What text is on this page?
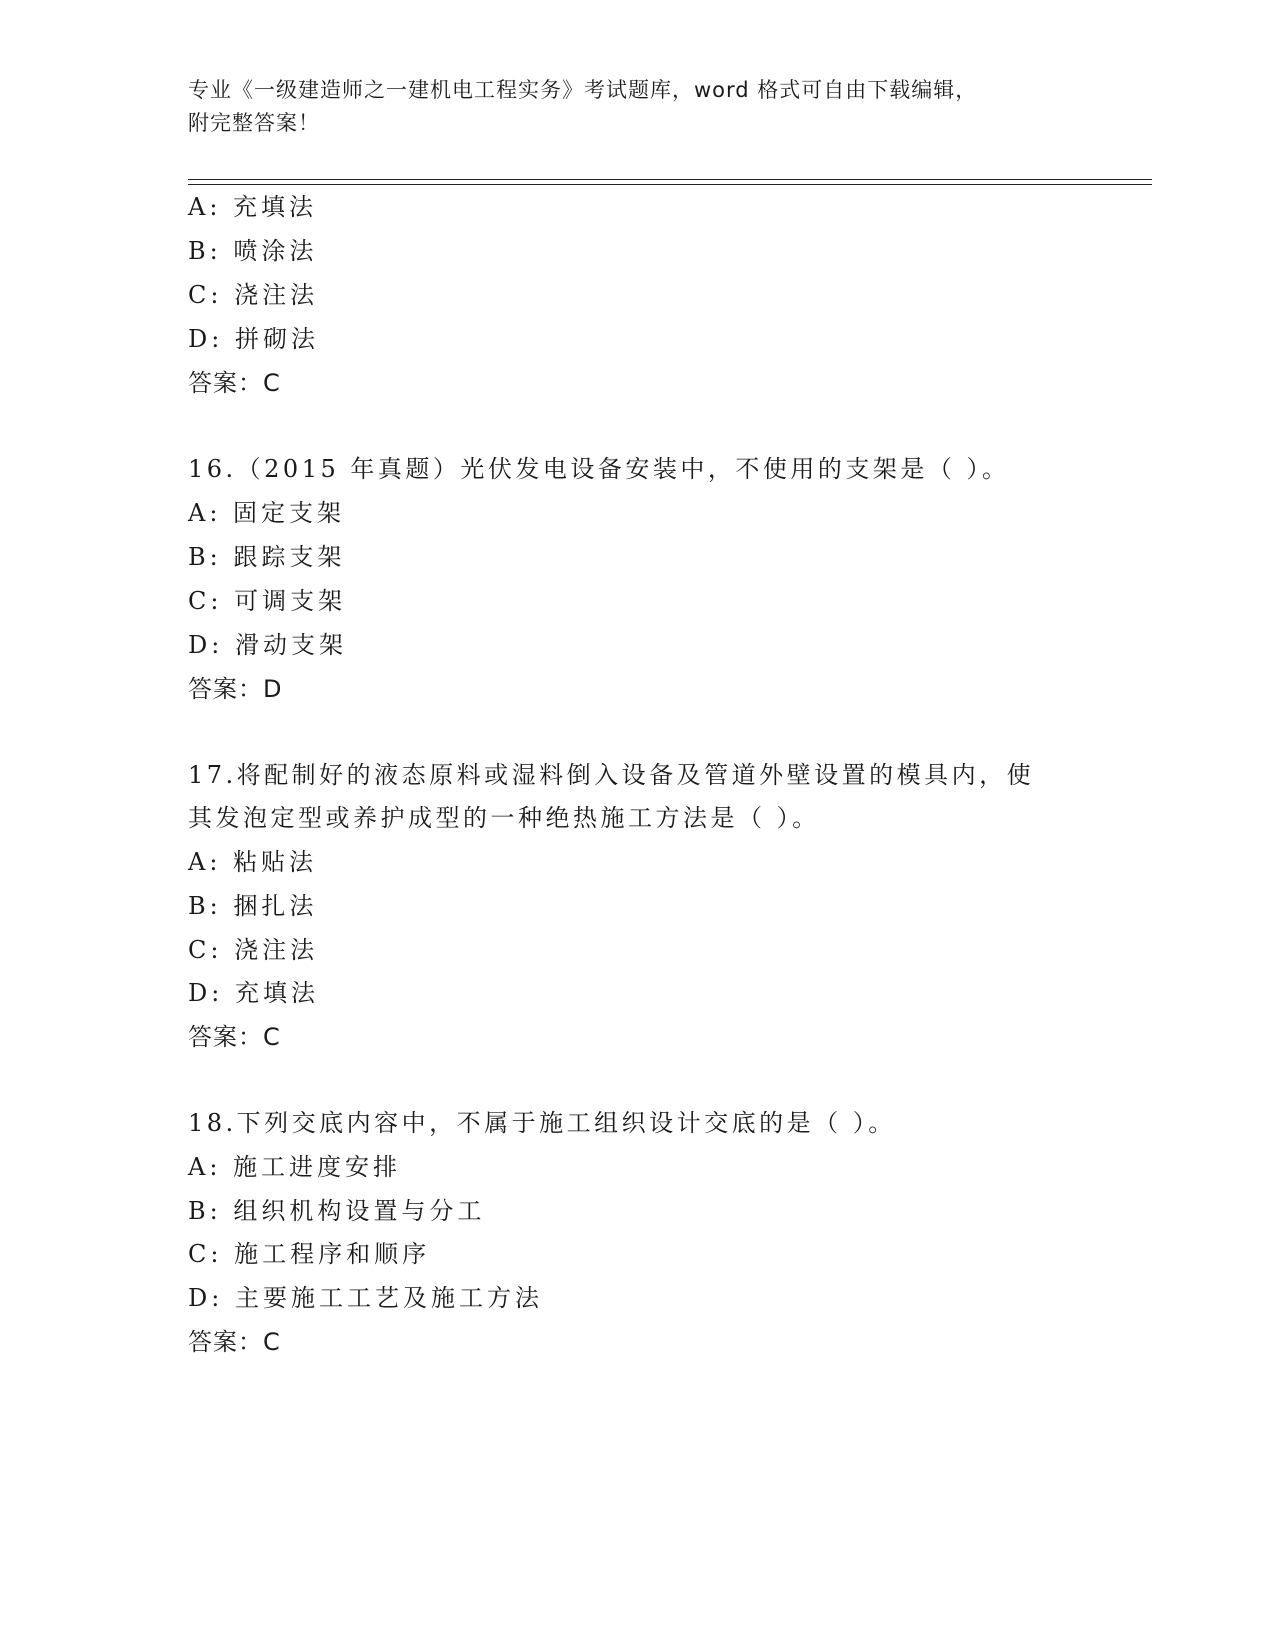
专业《一级建造师之一建机电工程实务》考试题库，word 格式可自由下载编辑，
附完整答案！
A: 充填法
B: 喷涂法
C: 浇注法
D: 拼砌法
答案：C
16.（2015 年真题）光伏发电设备安装中，不使用的支架是（ ）。
A: 固定支架
B: 跟踪支架
C: 可调支架
D: 滑动支架
答案：D
17.将配制好的液态原料或湿料倒入设备及管道外壁设置的模具内，使
其发泡定型或养护成型的一种绝热施工方法是（ ）。
A: 粘贴法
B: 捆扎法
C: 浇注法
D: 充填法
答案：C
18.下列交底内容中，不属于施工组织设计交底的是（ ）。
A: 施工进度安排
B: 组织机构设置与分工
C: 施工程序和顺序
D: 主要施工工艺及施工方法
答案：C
